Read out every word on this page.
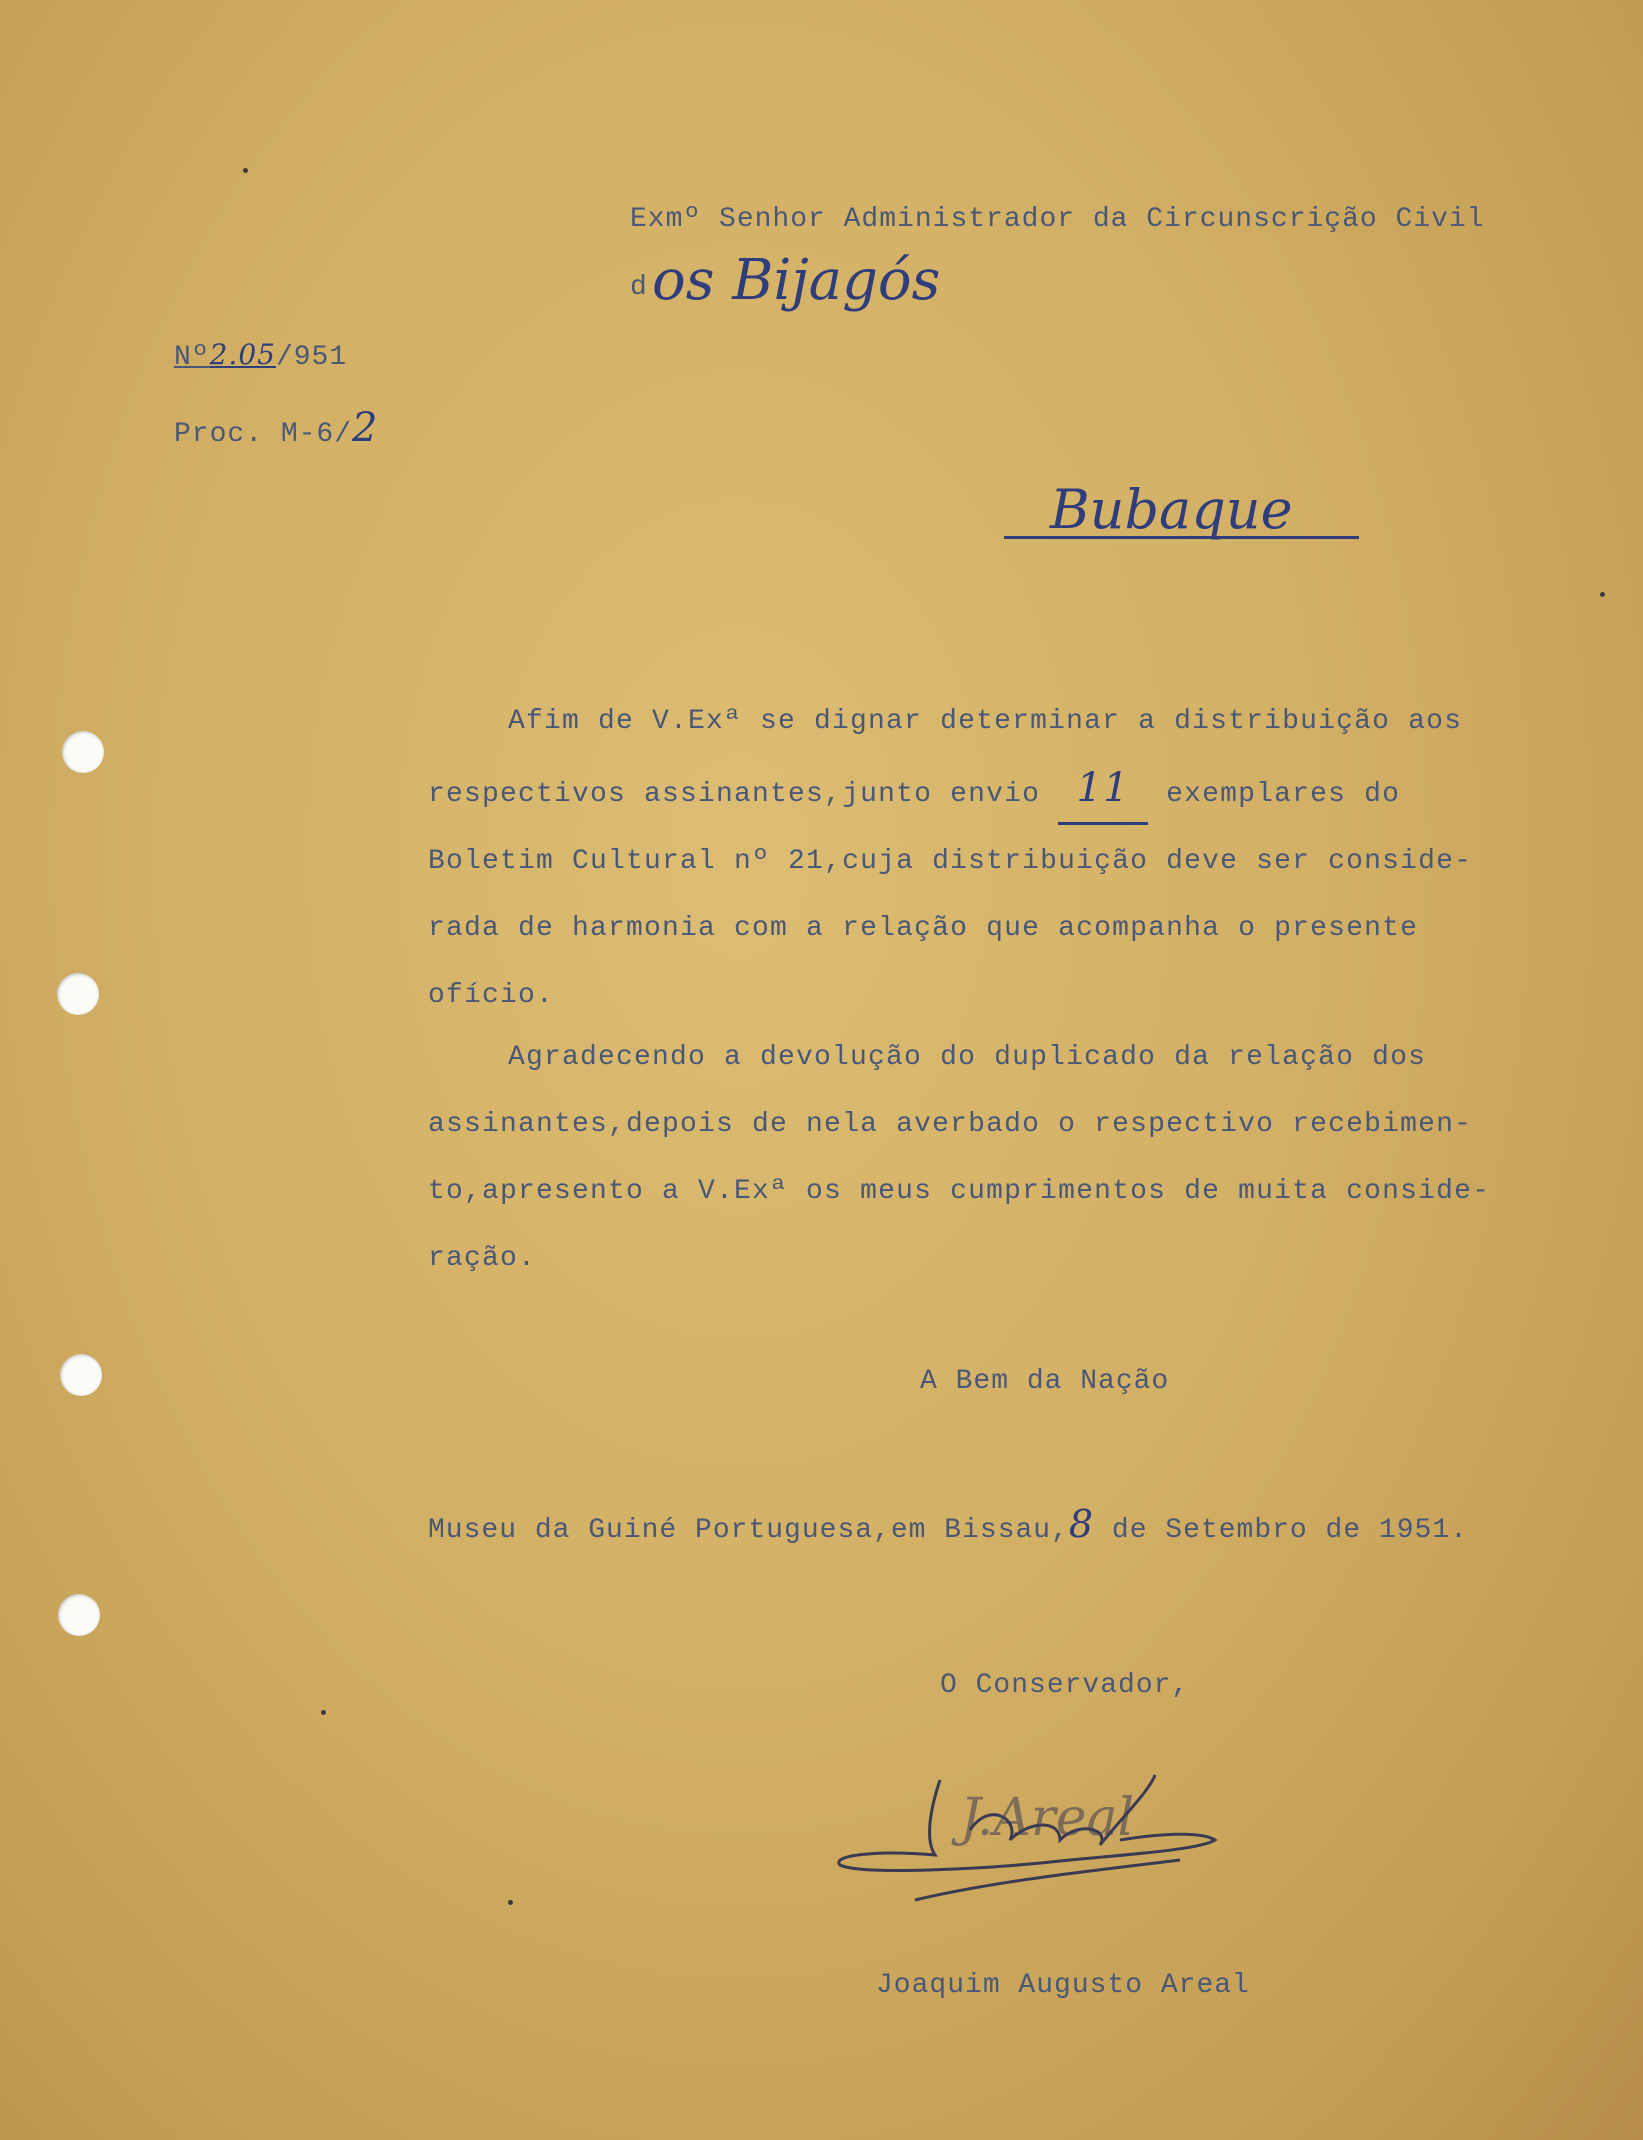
Exmº Senhor Administrador da Circunscrição Civil
d os Bijagós
Nº2.05/951
Proc. M-6/2
Bubaque
Afim de V.Exª se dignar determinar a distribuição aos
respectivos assinantes,junto envio 11 exemplares do
Boletim Cultural nº 21,cuja distribuição deve ser conside-
rada de harmonia com a relação que acompanha o presente
ofício.
Agradecendo a devolução do duplicado da relação dos
assinantes,depois de nela averbado o respectivo recebimen-
to,apresento a V.Exª os meus cumprimentos de muita conside-
ração.
A Bem da Nação
Museu da Guiné Portuguesa,em Bissau,8 de Setembro de 1951.
O Conservador,
J.Areal
Joaquim Augusto Areal
